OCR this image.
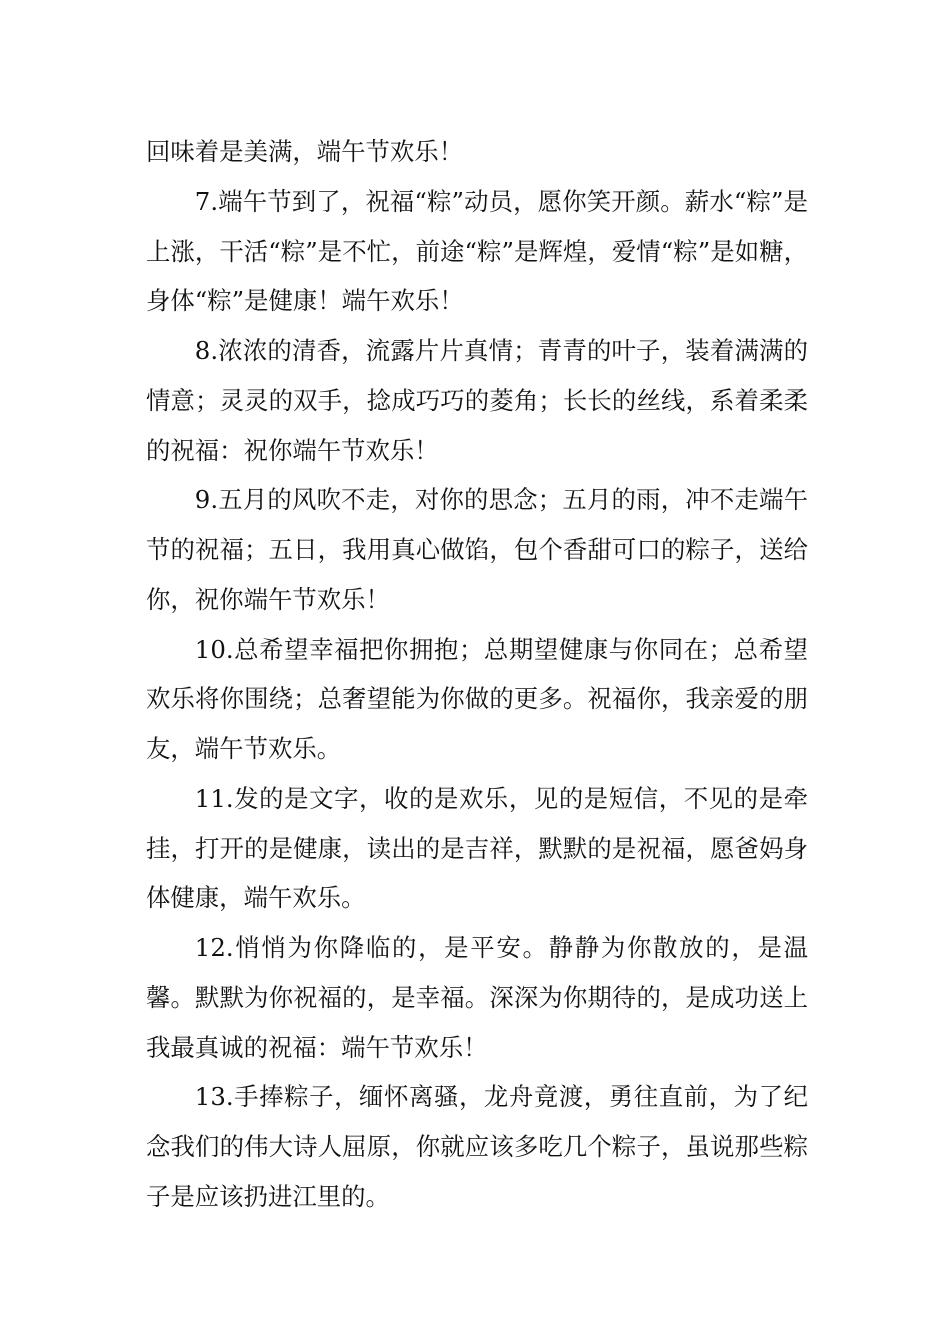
回味着是美满，端午节欢乐！

7.端午节到了，祝福“粽”动员，愿你笑开颜。薪水“粽”是上涨，干活“粽”是不忙，前途“粽”是辉煌，爱情“粽”是如糖，身体“粽”是健康！端午欢乐！

8.浓浓的清香，流露片片真情；青青的叶子，装着满满的情意；灵灵的双手，捻成巧巧的菱角；长长的丝线，系着柔柔的祝福：祝你端午节欢乐！

9.五月的风吹不走，对你的思念；五月的雨，冲不走端午节的祝福；五日，我用真心做馅，包个香甜可口的粽子，送给你，祝你端午节欢乐！

10.总希望幸福把你拥抱；总期望健康与你同在；总希望欢乐将你围绕；总奢望能为你做的更多。祝福你，我亲爱的朋友，端午节欢乐。

11.发的是文字，收的是欢乐，见的是短信，不见的是牵挂，打开的是健康，读出的是吉祥，默默的是祝福，愿爸妈身体健康，端午欢乐。

12.悄悄为你降临的，是平安。静静为你散放的，是温馨。默默为你祝福的，是幸福。深深为你期待的，是成功送上我最真诚的祝福：端午节欢乐！

13.手捧粽子，缅怀离骚，龙舟竟渡，勇往直前，为了纪念我们的伟大诗人屈原，你就应该多吃几个粽子，虽说那些粽子是应该扔进江里的。
